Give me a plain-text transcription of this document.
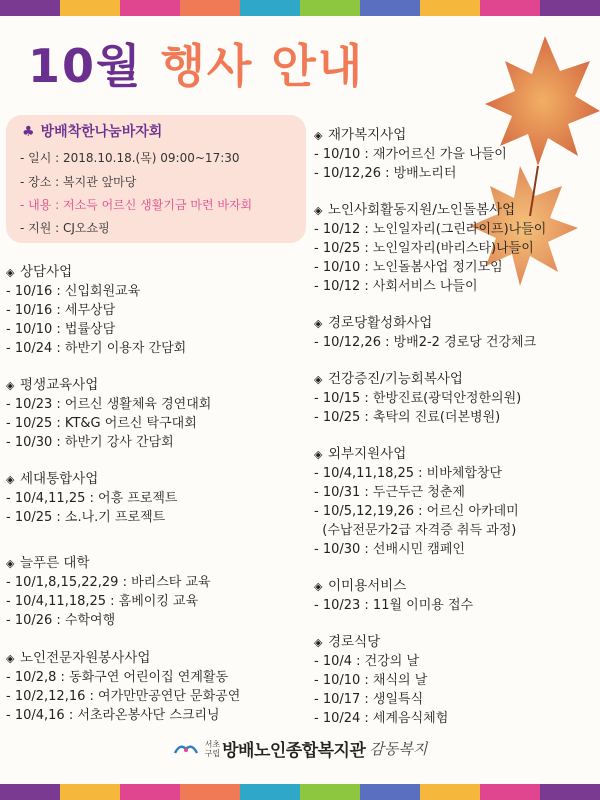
10월 행사 안내
♣ 방배착한나눔바자회
- 일시 : 2018.10.18.(목) 09:00~17:30
- 장소 : 복지관 앞마당
- 내용 : 저소득 어르신 생활기금 마련 바자회
- 지원 : CJ오쇼핑
◈ 상담사업
- 10/16 : 신입회원교육
- 10/16 : 세무상담
- 10/10 : 법률상담
- 10/24 : 하반기 이용자 간담회
◈ 평생교육사업
- 10/23 : 어르신 생활체육 경연대회
- 10/25 : KT&G 어르신 탁구대회
- 10/30 : 하반기 강사 간담회
◈ 세대통합사업
- 10/4,11,25 : 어흥 프로젝트
- 10/25 : 소.나.기 프로젝트
◈ 늘푸른 대학
- 10/1,8,15,22,29 : 바리스타 교육
- 10/4,11,18,25 : 홈베이킹 교육
- 10/26 : 수학여행
◈ 노인전문자원봉사사업
- 10/2,8 : 동화구연 어린이집 연계활동
- 10/2,12,16 : 여가만만공연단 문화공연
- 10/4,16 : 서초라온봉사단 스크리닝
◈ 재가복지사업
- 10/10 : 재가어르신 가을 나들이
- 10/12,26 : 방배노리터
◈ 노인사회활동지원/노인돌봄사업
- 10/12 : 노인일자리(그린라이프)나들이
- 10/25 : 노인일자리(바리스타)나들이
- 10/10 : 노인돌봄사업 정기모임
- 10/12 : 사회서비스 나들이
◈ 경로당활성화사업
- 10/12,26 : 방배2-2 경로당 건강체크
◈ 건강증진/기능회복사업
- 10/15 : 한방진료(광덕안정한의원)
- 10/25 : 촉탁의 진료(더본병원)
◈ 외부지원사업
- 10/4,11,18,25 : 비바체합창단
- 10/31 : 두근두근 청춘제
- 10/5,12,19,26 : 어르신 아카데미
(수납전문가2급 자격증 취득 과정)
- 10/30 : 선배시민 캠페인
◈ 이미용서비스
- 10/23 : 11월 이미용 접수
◈ 경로식당
- 10/4 : 건강의 날
- 10/10 : 채식의 날
- 10/17 : 생일특식
- 10/24 : 세계음식체험
서초
구립 방배노인종합복지관 감동복지
